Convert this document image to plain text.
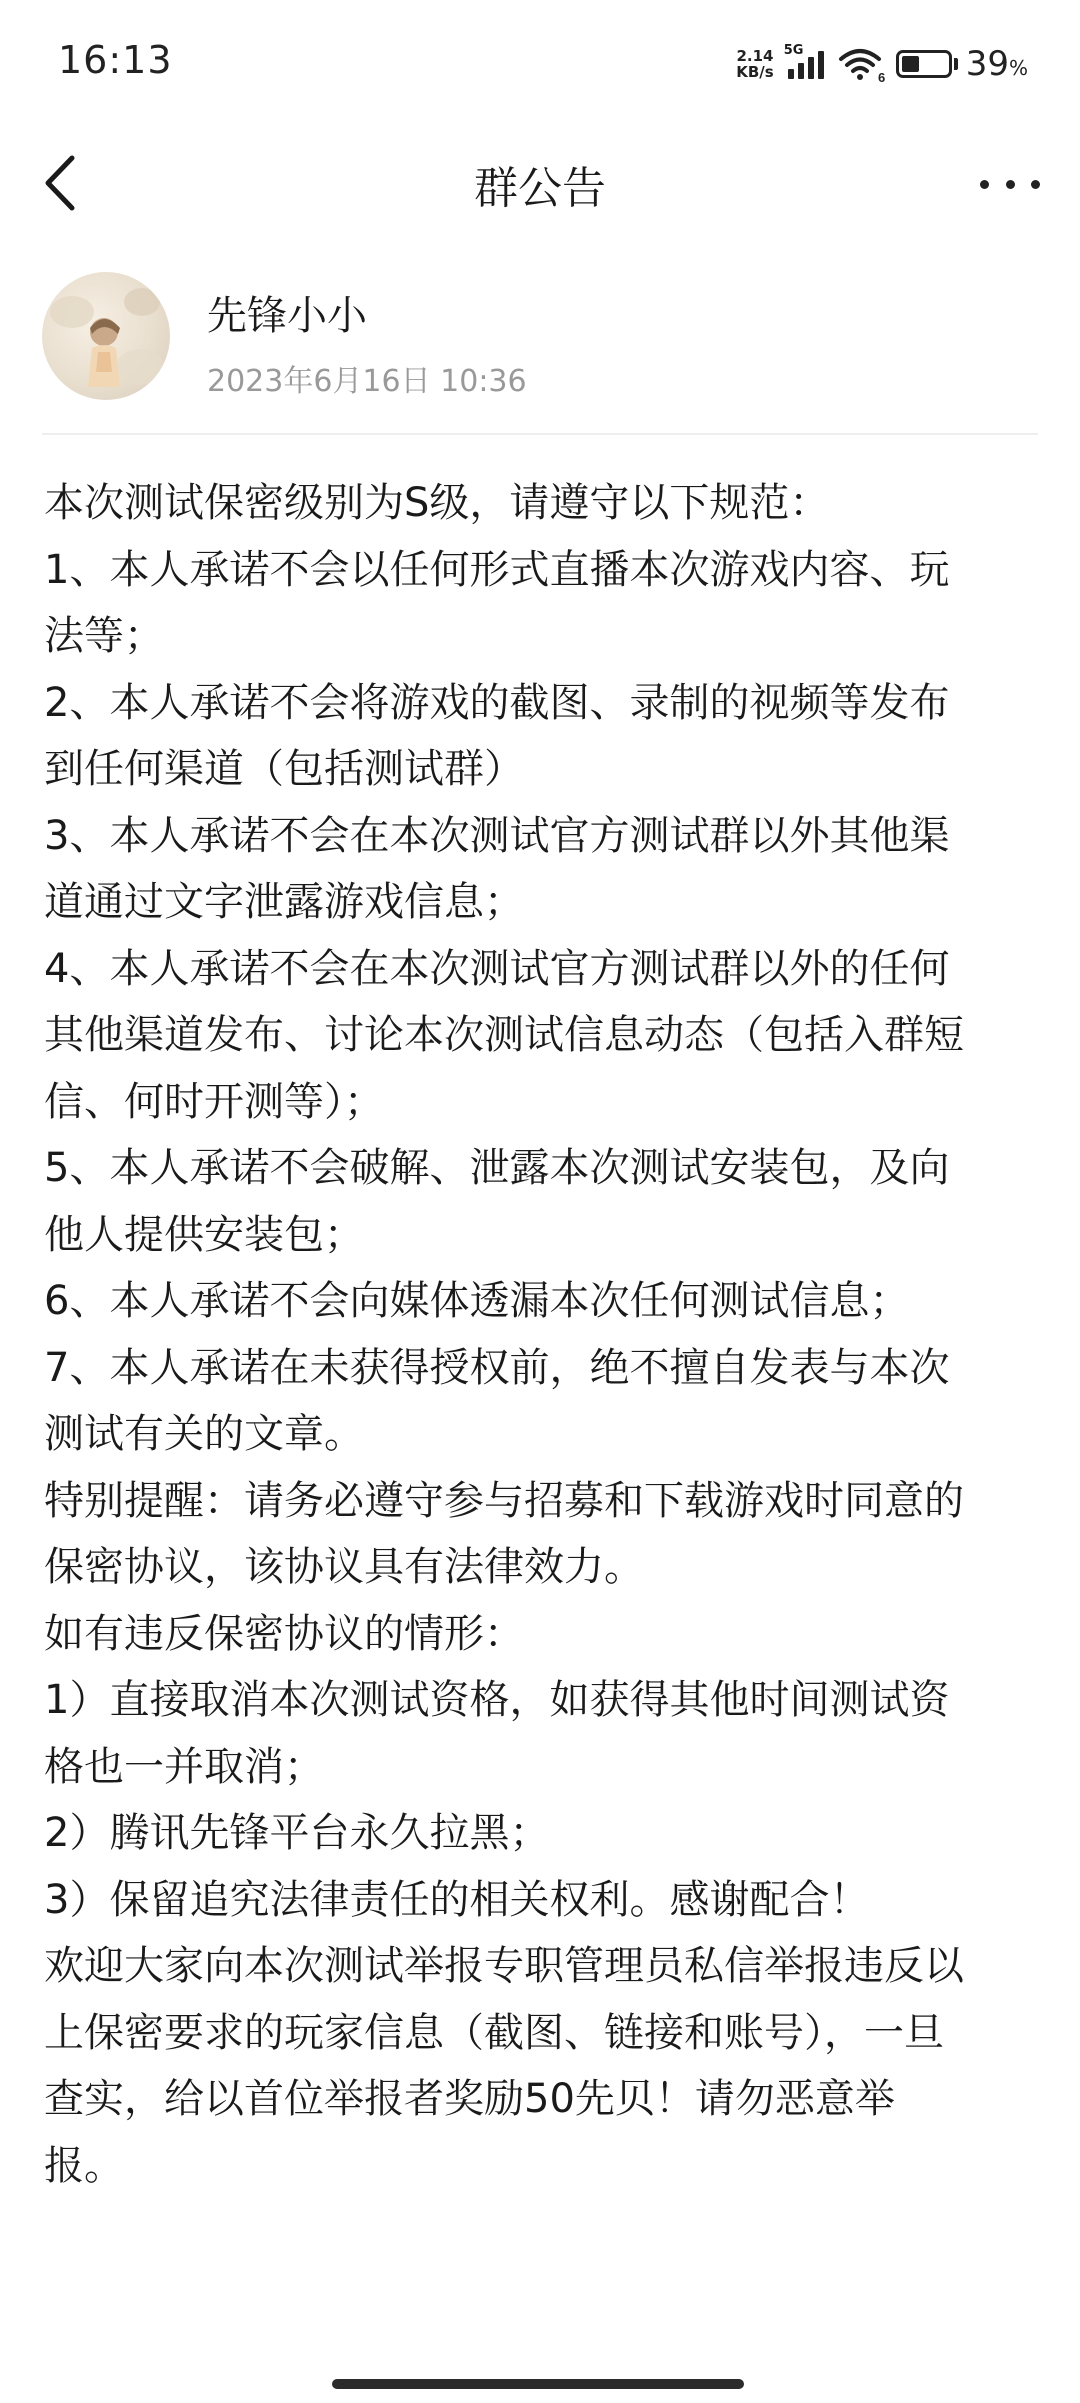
16:13	2.14
KB/s
5G
6 39%
群公告
先锋小小
2023年6月16日 10:36
本次测试保密级别为S级，请遵守以下规范：
1、本人承诺不会以任何形式直播本次游戏内容、玩
法等；
2、本人承诺不会将游戏的截图、录制的视频等发布
到任何渠道（包括测试群）
3、本人承诺不会在本次测试官方测试群以外其他渠
道通过文字泄露游戏信息；
4、本人承诺不会在本次测试官方测试群以外的任何
其他渠道发布、讨论本次测试信息动态（包括入群短
信、何时开测等）；
5、本人承诺不会破解、泄露本次测试安装包，及向
他人提供安装包；
6、本人承诺不会向媒体透漏本次任何测试信息；
7、本人承诺在未获得授权前，绝不擅自发表与本次
测试有关的文章。
特别提醒：请务必遵守参与招募和下载游戏时同意的
保密协议，该协议具有法律效力。
如有违反保密协议的情形：
1）直接取消本次测试资格，如获得其他时间测试资
格也一并取消；
2）腾讯先锋平台永久拉黑；
3）保留追究法律责任的相关权利。感谢配合！
欢迎大家向本次测试举报专职管理员私信举报违反以
上保密要求的玩家信息（截图、链接和账号），一旦
查实，给以首位举报者奖励50先贝！请勿恶意举
报。
